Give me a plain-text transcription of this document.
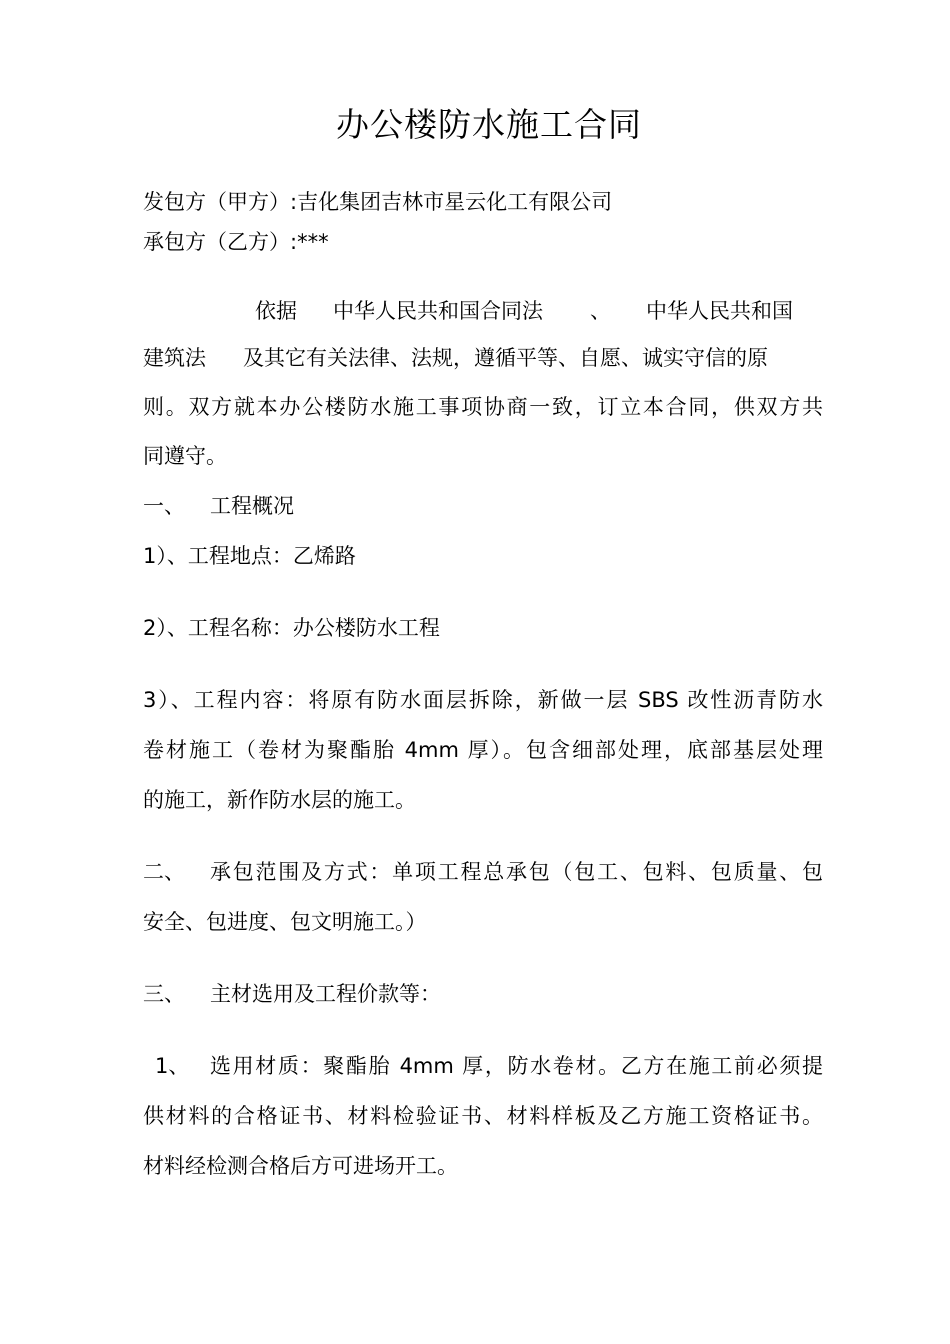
办公楼防水施工合同
发包方（甲方）:吉化集团吉林市星云化工有限公司
承包方（乙方）:***
依据 中华人民共和国合同法 、 中华人民共和国
建筑法 及其它有关法律、法规，遵循平等、自愿、诚实守信的原
则。双方就本办公楼防水施工事项协商一致，订立本合同，供双方共
同遵守。
一、 工程概况
1）、工程地点：乙烯路
2）、工程名称：办公楼防水工程
3）、工程内容：将原有防水面层拆除，新做一层 SBS 改性沥青防水
卷材施工（卷材为聚酯胎 4mm 厚）。包含细部处理，底部基层处理
的施工，新作防水层的施工。
二、 承包范围及方式：单项工程总承包（包工、包料、包质量、包
安全、包进度、包文明施工。）
三、 主材选用及工程价款等：
1、 选用材质：聚酯胎 4mm 厚，防水卷材。乙方在施工前必须提
供材料的合格证书、材料检验证书、材料样板及乙方施工资格证书。
材料经检测合格后方可进场开工。
